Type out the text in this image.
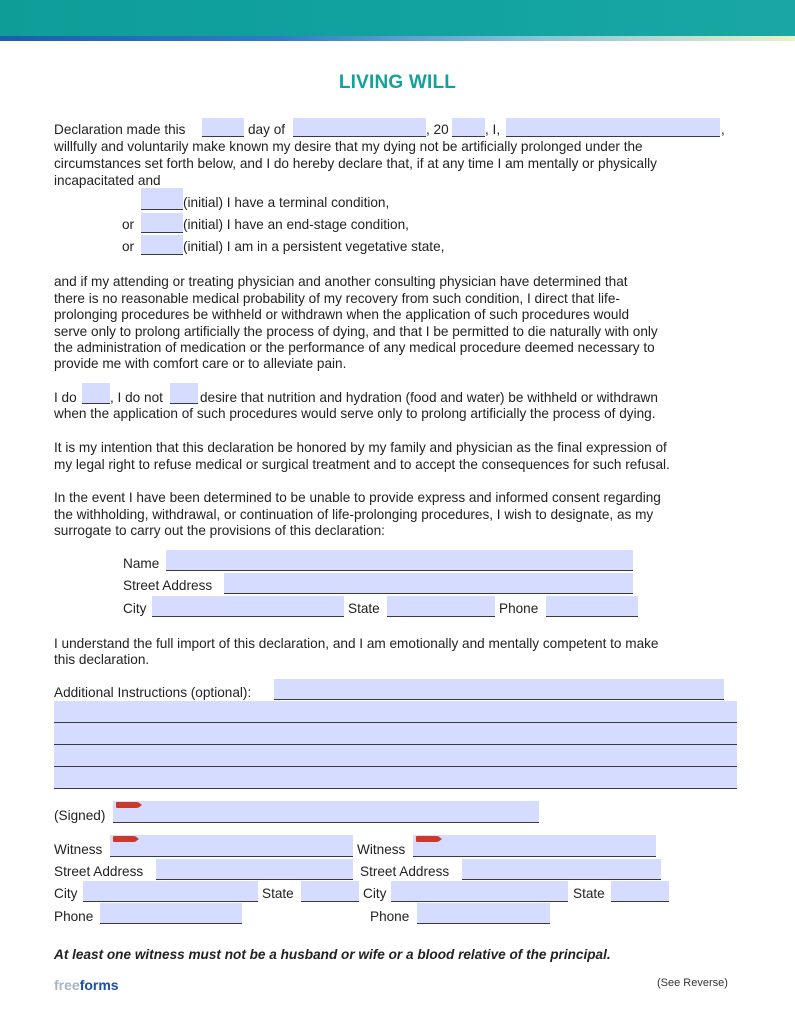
LIVING WILL
Declaration made this	day of	, 20	, I,	,
willfully and voluntarily make known my desire that my dying not be artificially prolonged under the
circumstances set forth below, and I do hereby declare that, if at any time I am mentally or physically
incapacitated and
(initial) I have a terminal condition,
or	(initial) I have an end-stage condition,
or	(initial) I am in a persistent vegetative state,
and if my attending or treating physician and another consulting physician have determined that
there is no reasonable medical probability of my recovery from such condition, I direct that life-
prolonging procedures be withheld or withdrawn when the application of such procedures would
serve only to prolong artificially the process of dying, and that I be permitted to die naturally with only
the administration of medication or the performance of any medical procedure deemed necessary to
provide me with comfort care or to alleviate pain.
I do , I do not	desire that nutrition and hydration (food and water) be withheld or withdrawn
when the application of such procedures would serve only to prolong artificially the process of dying.
It is my intention that this declaration be honored by my family and physician as the final expression of
my legal right to refuse medical or surgical treatment and to accept the consequences for such refusal.
In the event I have been determined to be unable to provide express and informed consent regarding
the withholding, withdrawal, or continuation of life-prolonging procedures, I wish to designate, as my
surrogate to carry out the provisions of this declaration:
Name
Street Address
City	State	Phone
I understand the full import of this declaration, and I am emotionally and mentally competent to make
this declaration.
Additional Instructions (optional):
(Signed)
Witness
Street Address
City	State
Phone
Witness
Street Address
City	State
Phone
At least one witness must not be a husband or wife or a blood relative of the principal.
freeforms	(See Reverse)
